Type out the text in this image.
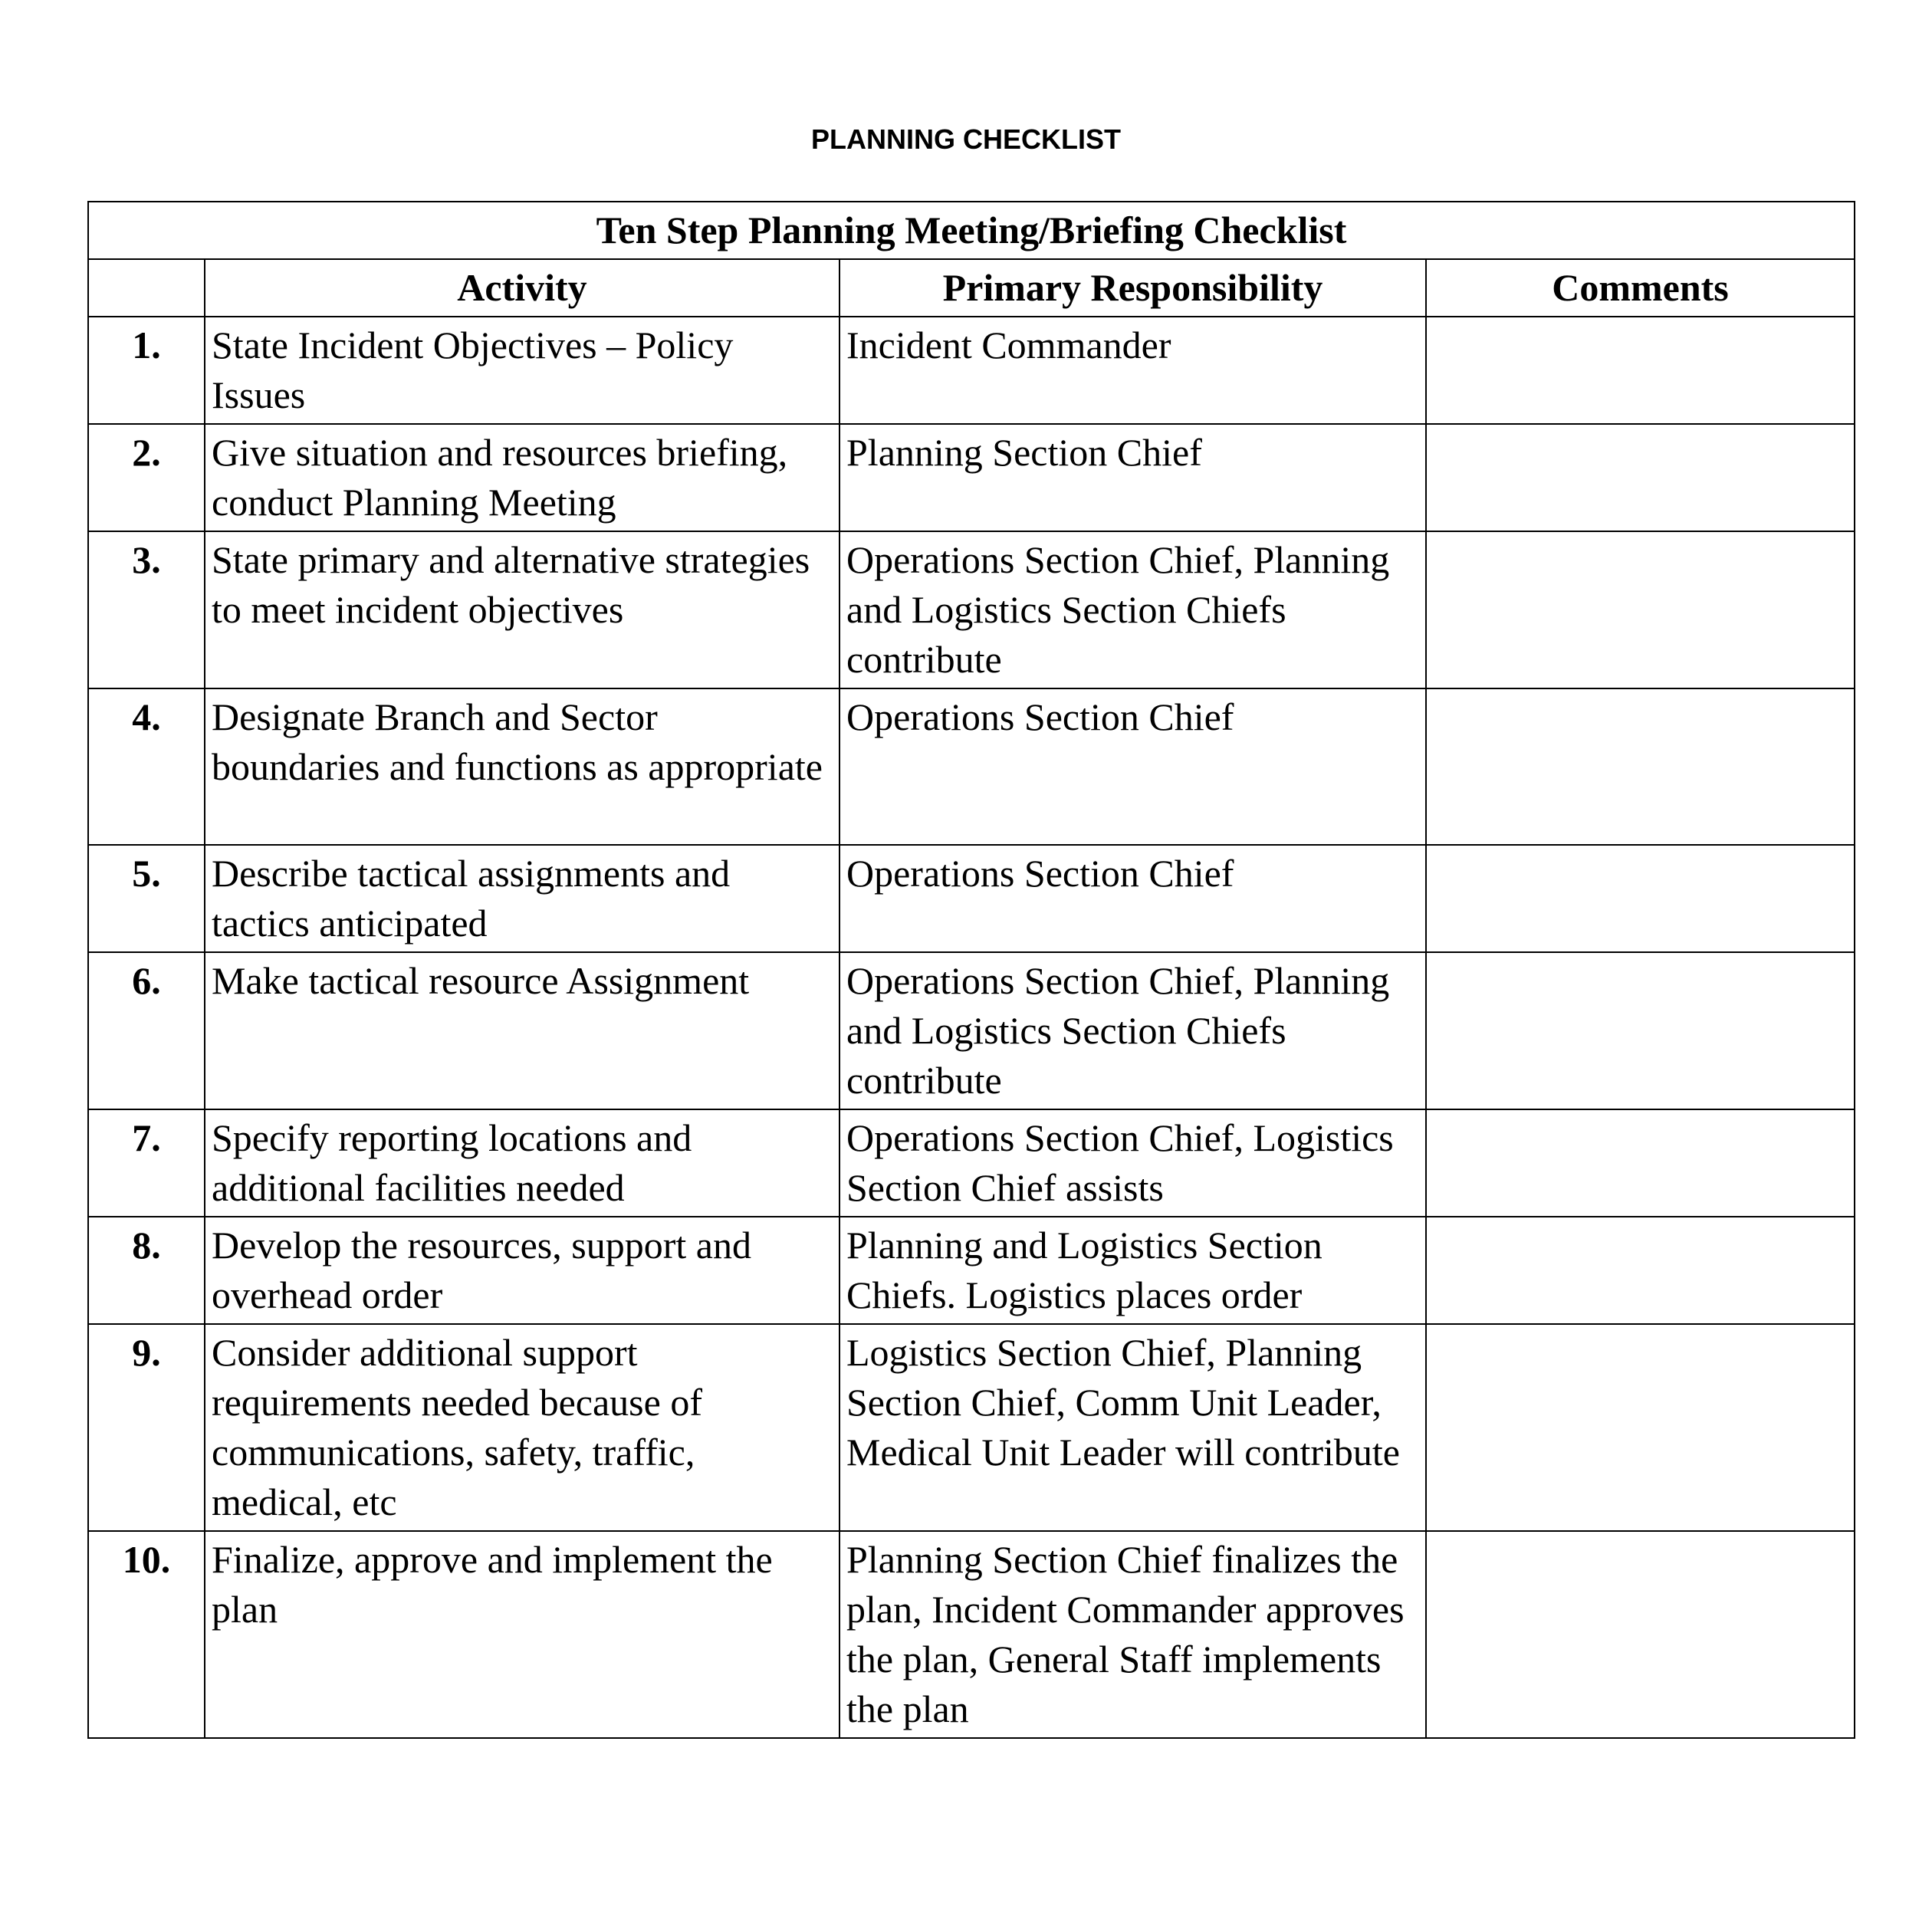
PLANNING CHECKLIST
Ten Step Planning Meeting/Briefing Checklist			
	Activity	Primary Responsibility	Comments
1.	State Incident Objectives – Policy Issues	Incident Commander	
2.	Give situation and resources briefing, conduct Planning Meeting	Planning Section Chief	
3.	State primary and alternative strategies to meet incident objectives	Operations Section Chief, Planning and Logistics Section Chiefs contribute	
4.	Designate Branch and Sector boundaries and functions as appropriate	Operations Section Chief	
5.	Describe tactical assignments and tactics anticipated	Operations Section Chief	
6.	Make tactical resource Assignment	Operations Section Chief, Planning and Logistics Section Chiefs contribute	
7.	Specify reporting locations and additional facilities needed	Operations Section Chief, Logistics Section Chief assists	
8.	Develop the resources, support and overhead order	Planning and Logistics Section Chiefs. Logistics places order	
9.	Consider additional support requirements needed because of communications, safety, traffic, medical, etc	Logistics Section Chief, Planning Section Chief, Comm Unit Leader, Medical Unit Leader will contribute	
10.	Finalize, approve and implement the plan	Planning Section Chief finalizes the plan, Incident Commander approves the plan, General Staff implements the plan	
